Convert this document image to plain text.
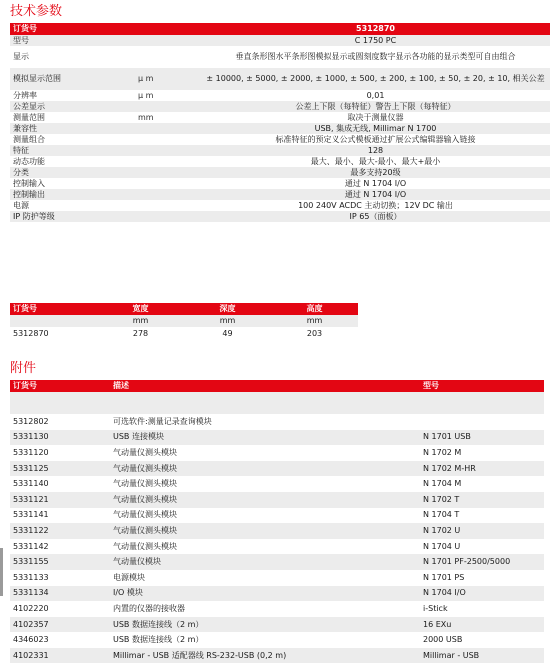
技术参数
订货号		5312870
型号		C 1750 PC
显示		垂直条形图水平条形图模拟显示或圆刻度数字显示各功能的显示类型可自由组合
模拟显示范围	µ m	± 10000, ± 5000, ± 2000, ± 1000, ± 500, ± 200, ± 100, ± 50, ± 20, ± 10, 相关公差
分辨率	µ m	0,01
公差显示		公差上下限（每特征）警告上下限（每特征）
测量范围	mm	取决于测量仪器
兼容性		USB, 集成无线, Millimar N 1700
测量组合		标准特征的预定义公式模板通过扩展公式编辑器输入链接
特征		128
动态功能		最大、最小、最大-最小、最大+最小
分类		最多支持20级
控制输入		通过 N 1704 I/O
控制输出		通过 N 1704 I/O
电源		100 240V ACDC 主动切换；12V DC 输出
IP 防护等级		IP 65（面板）
订货号	宽度	深度	高度
	mm	mm	mm
5312870	278	49	203
附件
订货号	描述	型号

5312802	可选软件:测量记录查询模块	
5331130	USB 连接模块	N 1701 USB
5331120	气动量仪测头模块	N 1702 M
5331125	气动量仪测头模块	N 1702 M-HR
5331140	气动量仪测头模块	N 1704 M
5331121	气动量仪测头模块	N 1702 T
5331141	气动量仪测头模块	N 1704 T
5331122	气动量仪测头模块	N 1702 U
5331142	气动量仪测头模块	N 1704 U
5331155	气动量仪模块	N 1701 PF-2500/5000
5331133	电源模块	N 1701 PS
5331134	I/O 模块	N 1704 I/O
4102220	内置的仪器的接收器	i-Stick
4102357	USB 数据连接线（2 m）	16 EXu
4346023	USB 数据连接线（2 m）	2000 USB
4102331	Millimar - USB 适配器线 RS-232-USB (0,2 m)	Millimar - USB
